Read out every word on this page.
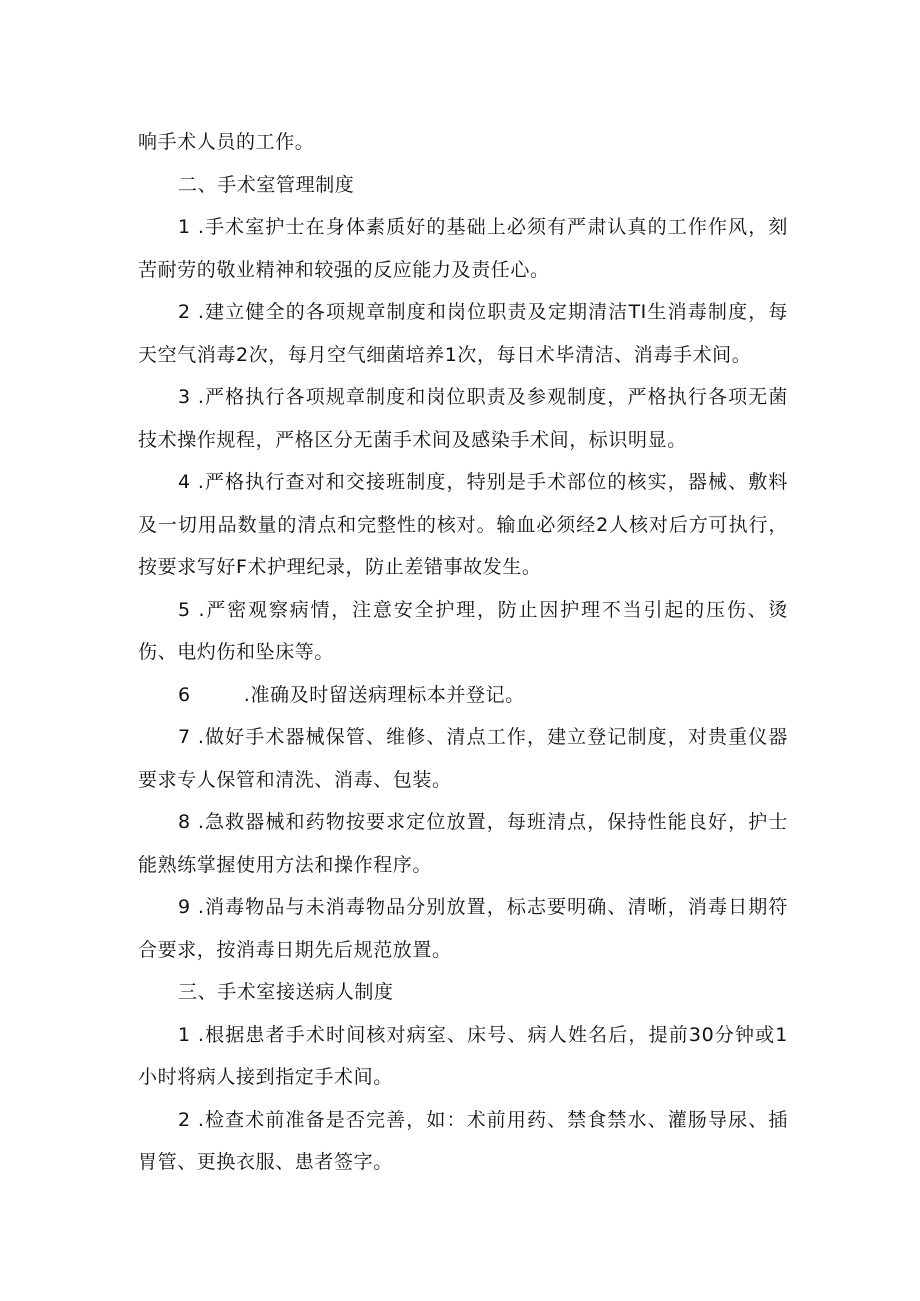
响手术人员的工作。

二、手术室管理制度

1 .手术室护士在身体素质好的基础上必须有严肃认真的工作作风，刻苦耐劳的敬业精神和较强的反应能力及责任心。

2 .建立健全的各项规章制度和岗位职责及定期清洁TI生消毒制度，每天空气消毒2次，每月空气细菌培养1次，每日术毕清洁、消毒手术间。

3 .严格执行各项规章制度和岗位职责及参观制度，严格执行各项无菌技术操作规程，严格区分无菌手术间及感染手术间，标识明显。

4 .严格执行查对和交接班制度，特别是手术部位的核实，器械、敷料及一切用品数量的清点和完整性的核对。输血必须经2人核对后方可执行，按要求写好F术护理纪录，防止差错事故发生。

5 .严密观察病情，注意安全护理，防止因护理不当引起的压伤、烫伤、电灼伤和坠床等。

6        .准确及时留送病理标本并登记。

7 .做好手术器械保管、维修、清点工作，建立登记制度，对贵重仪器要求专人保管和清洗、消毒、包装。

8 .急救器械和药物按要求定位放置，每班清点，保持性能良好，护士能熟练掌握使用方法和操作程序。

9 .消毒物品与未消毒物品分别放置，标志要明确、清晰，消毒日期符合要求，按消毒日期先后规范放置。

三、手术室接送病人制度

1 .根据患者手术时间核对病室、床号、病人姓名后，提前30分钟或1小时将病人接到指定手术间。

2 .检查术前准备是否完善，如：术前用药、禁食禁水、灌肠导尿、插胃管、更换衣服、患者签字。
